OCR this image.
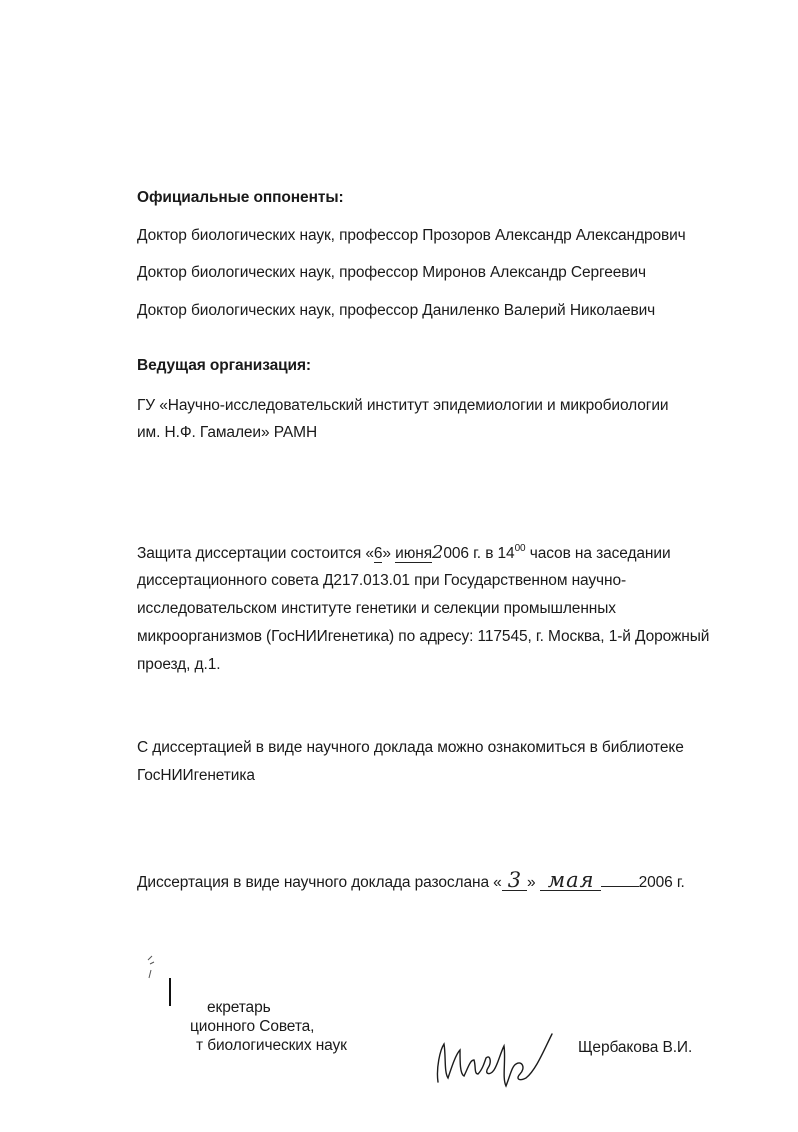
Официальные оппоненты:
Доктор биологических наук, профессор Прозоров Александр Александрович
Доктор биологических наук, профессор Миронов Александр Сергеевич
Доктор биологических наук, профессор Даниленко Валерий Николаевич
Ведущая организация:
ГУ «Научно-исследовательский институт эпидемиологии и микробиологии
им. Н.Ф. Гамалеи» РАМН
Защита диссертации состоится «6» июня2006 г. в $14^{00}$ часов на заседании
диссертационного совета Д217.013.01 при Государственном научно-
исследовательском институте генетики и селекции промышленных
микроорганизмов (ГосНИИгенетика) по адресу: 117545, г. Москва, 1-й Дорожный
проезд, д.1.
С диссертацией в виде научного доклада можно ознакомиться в библиотеке
ГосНИИгенетика
Диссертация в виде научного доклада разослана « 3 » мая	2006 г.
екретарь
ционного Совета,
т биологических наук	Щербакова В.И.
